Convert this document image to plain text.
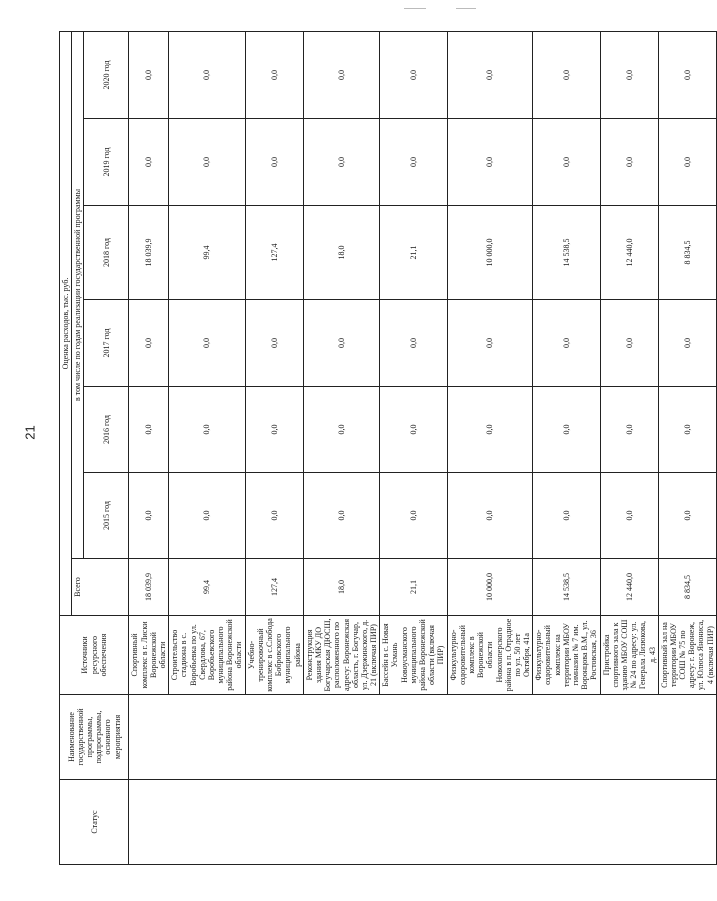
21
Статус	Наименование государственной программы, подпрограммы, основного мероприятия	Источники ресурсного обеспечения	Оценка расходов, тыс. руб.						
			Всего	в том числе по годам реализации государственной программы					
				2015 год	2016 год	2017 год	2018 год	2019 год	2020 год
		Спортивный комплекс в г. Лиски Воронежской области	18 039,9	0,0	0,0	0,0	18 039,9	0,0	0,0
		Строительство стадиона в с. Воробьевка по ул. Свердлова, 67, Воробьевского муниципального района Воронежской области	99,4	0,0	0,0	0,0	99,4	0,0	0,0
		Учебно-тренировочный комплекс в с.Слобода Бобровского муниципального района	127,4	0,0	0,0	0,0	127,4	0,0	0,0
		Реконструкция здания МКУ ДО Богучарская ДЮСШ, расположенного по адресу: Воронежская область, г. Богучар, ул. Дзержинского, д. 21 (включая ПИР)	18,0	0,0	0,0	0,0	18,0	0,0	0,0
		Бассейн в с. Новая Усмань Новоусманского муниципального района Воронежской области (включая ПИР)	21,1	0,0	0,0	0,0	21,1	0,0	0,0
		Физкультурно-оздоровительный комплекс в Воронежской области Новохоперского района в п. Отрадное по ул. 50 лет Октября, 41а	10 000,0	0,0	0,0	0,0	10 000,0	0,0	0,0
		Физкультурно-оздоровительный комплекс на территории МБОУ гимназии № 7 им. Воронцова В.М., ул. Ростовская, 36	14 538,5	0,0	0,0	0,0	14 538,5	0,0	0,0
		Пристройка спортивного зала к зданию МБОУ СОШ № 24 по адресу: ул. Генерала Лизюкова, д. 43	12 440,0	0,0	0,0	0,0	12 440,0	0,0	0,0
		Спортивный зал на территории МБОУ СОШ № 75 по адресу: г. Воронеж, ул. Юлюса Янониса, 4 (включая ПИР)	8 834,5	0,0	0,0	0,0	8 834,5	0,0	0,0
